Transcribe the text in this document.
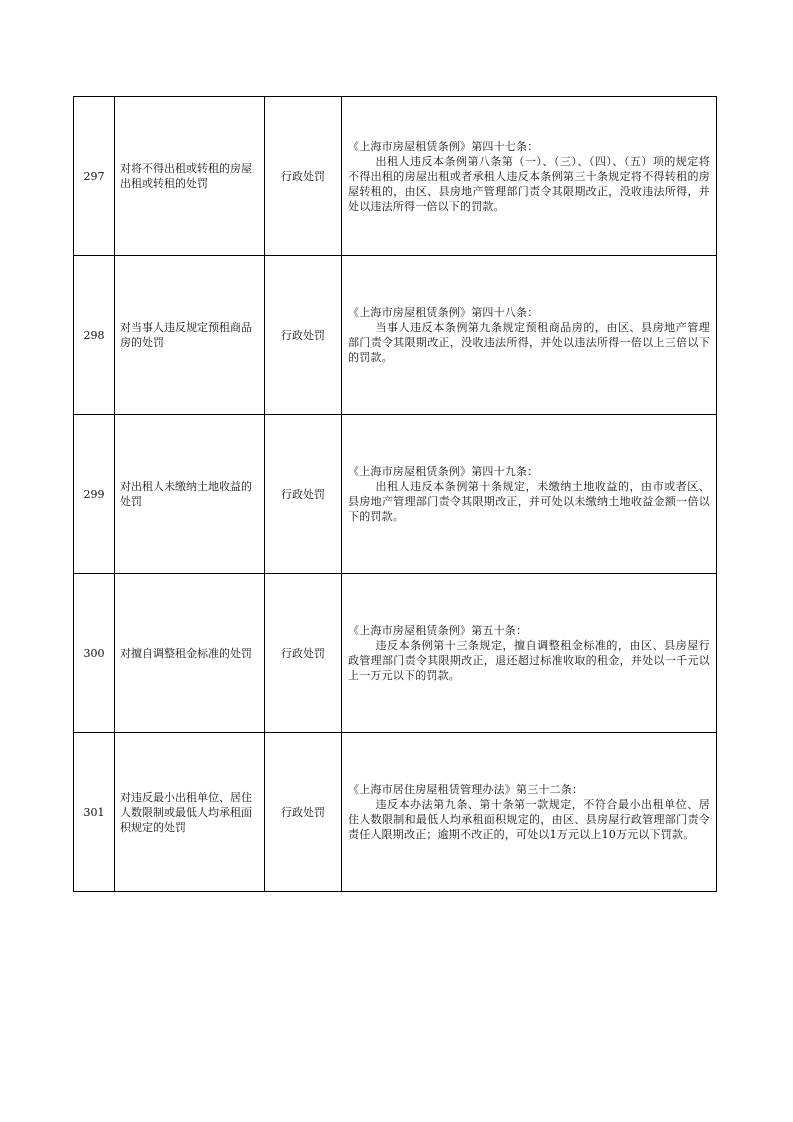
297	对将不得出租或转租的房屋出租或转租的处罚	行政处罚	《上海市房屋租赁条例》第四十七条：
出租人违反本条例第八条第（一）、（三）、（四）、（五）项的规定将不得出租的房屋出租或者承租人违反本条例第三十条规定将不得转租的房屋转租的，由区、县房地产管理部门责令其限期改正，没收违法所得，并处以违法所得一倍以下的罚款。

298	对当事人违反规定预租商品房的处罚	行政处罚	《上海市房屋租赁条例》第四十八条：
当事人违反本条例第九条规定预租商品房的，由区、县房地产管理部门责令其限期改正，没收违法所得，并处以违法所得一倍以上三倍以下的罚款。

299	对出租人未缴纳土地收益的处罚	行政处罚	《上海市房屋租赁条例》第四十九条：
出租人违反本条例第十条规定，未缴纳土地收益的，由市或者区、县房地产管理部门责令其限期改正，并可处以未缴纳土地收益金额一倍以下的罚款。

300	对擅自调整租金标准的处罚	行政处罚	《上海市房屋租赁条例》第五十条：
违反本条例第十三条规定，擅自调整租金标准的，由区、县房屋行政管理部门责令其限期改正，退还超过标准收取的租金，并处以一千元以上一万元以下的罚款。

301	对违反最小出租单位、居住人数限制或最低人均承租面积规定的处罚	行政处罚	《上海市居住房屋租赁管理办法》第三十二条：
违反本办法第九条、第十条第一款规定，不符合最小出租单位、居住人数限制和最低人均承租面积规定的，由区、县房屋行政管理部门责令责任人限期改正；逾期不改正的，可处以1万元以上10万元以下罚款。
